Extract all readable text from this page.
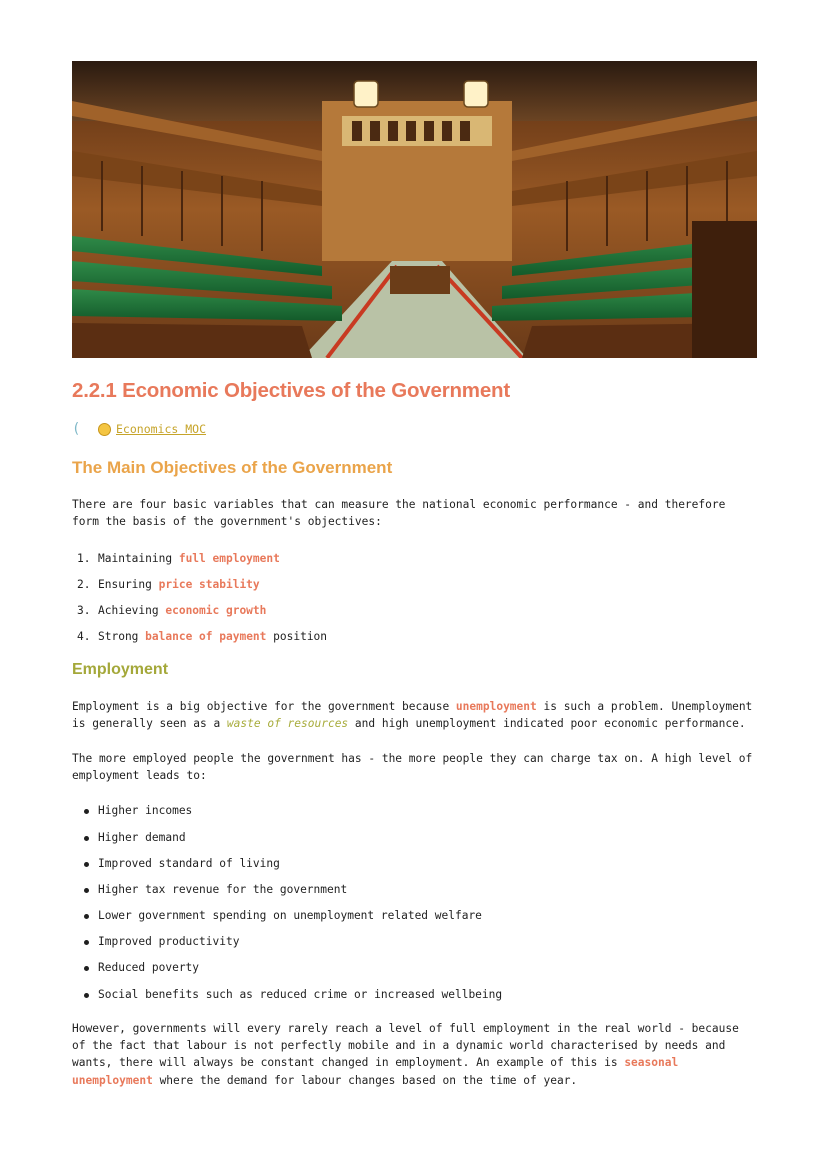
2.2.1 Economic Objectives of the Government
(	Economics MOC
The Main Objectives of the Government

There are four basic variables that can measure the national economic performance - and therefore form the basis of the government's objectives:

1. Maintaining full employment
2. Ensuring price stability
3. Achieving economic growth
4. Strong balance of payment position
Employment

Employment is a big objective for the government because unemployment is such a problem. Unemployment is generally seen as a waste of resources and high unemployment indicated poor economic performance.

The more employed people the government has - the more people they can charge tax on. A high level of employment leads to:

Higher incomes
Higher demand
Improved standard of living
Higher tax revenue for the government
Lower government spending on unemployment related welfare
Improved productivity
Reduced poverty
Social benefits such as reduced crime or increased wellbeing

However, governments will every rarely reach a level of full employment in the real world - because of the fact that labour is not perfectly mobile and in a dynamic world characterised by needs and wants, there will always be constant changed in employment. An example of this is seasonal unemployment where the demand for labour changes based on the time of year.
